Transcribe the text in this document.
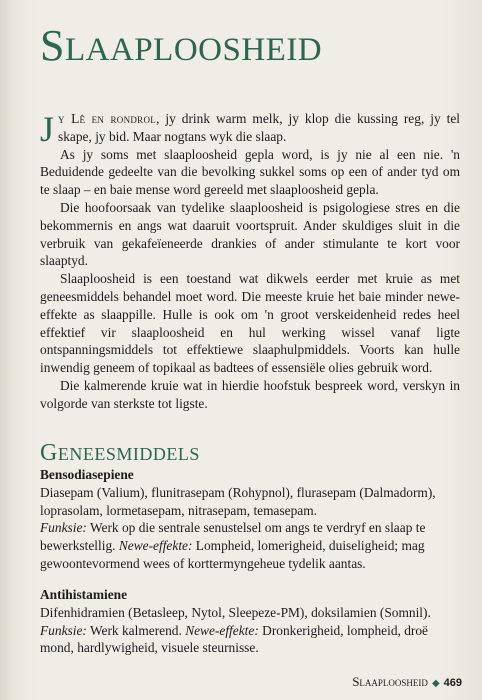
SLAAPLOOSHEID

Jy Lê en rondrol, jy drink warm melk, jy klop die kussing reg, jy tel skape, jy bid. Maar nogtans wyk die slaap.

As jy soms met slaaploosheid gepla word, is jy nie al een nie. 'n Beduidende gedeelte van die bevolking sukkel soms op een of ander tyd om te slaap – en baie mense word gereeld met slaaploosheid gepla.

Die hoofoorsaak van tydelike slaaploosheid is psigologiese stres en die bekommernis en angs wat daaruit voortspruit. Ander skuldiges sluit in die verbruik van gekafeïeneerde drankies of ander stimulante te kort voor slaaptyd.

Slaaploosheid is een toestand wat dikwels eerder met kruie as met geneesmiddels behandel moet word. Die meeste kruie het baie minder newe-effekte as slaappille. Hulle is ook om 'n groot verskeidenheid redes heel effektief vir slaaploosheid en hul werking wissel vanaf ligte ontspanningsmiddels tot effektiewe slaaphulpmiddels. Voorts kan hulle inwendig geneem of topikaal as badtees of essensiële olies gebruik word.

Die kalmerende kruie wat in hierdie hoofstuk bespreek word, verskyn in volgorde van sterkste tot ligste.

GENEESMIDDELS
Bensodiasepiene
Diasepam (Valium), flunitrasepam (Rohypnol), flurasepam (Dalmadorm), loprasolam, lormetasepam, nitrasepam, temasepam.
Funksie: Werk op die sentrale senustelsel om angs te verdryf en slaap te bewerkstellig. Newe-effekte: Lompheid, lomerigheid, duiseligheid; mag gewoontevormend wees of korttermyngeheue tydelik aantas.
Antihistamiene
Difenhidramien (Betasleep, Nytol, Sleepeze-PM), doksilamien (Somnil).
Funksie: Werk kalmerend. Newe-effekte: Dronkerigheid, lompheid, droë mond, hardlywigheid, visuele steurnisse.
Slaaploosheid ◆ 469
